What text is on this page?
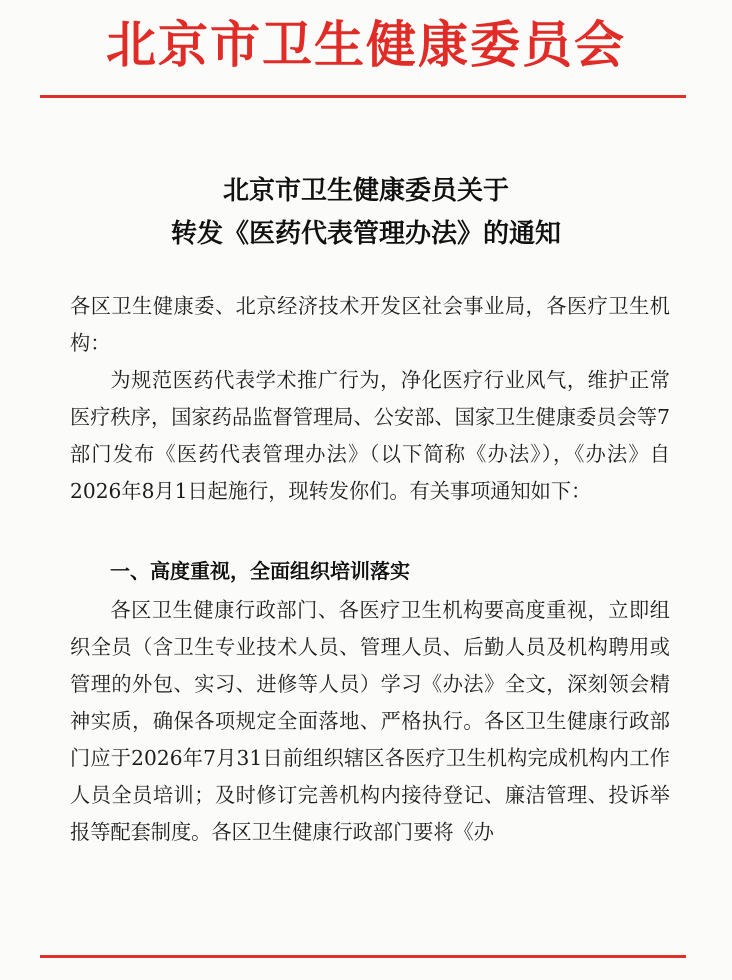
北京市卫生健康委员会
北京市卫生健康委员关于
转发《医药代表管理办法》的通知
各区卫生健康委、北京经济技术开发区社会事业局，各医疗卫生机构：
为规范医药代表学术推广行为，净化医疗行业风气，维护正常医疗秩序，国家药品监督管理局、公安部、国家卫生健康委员会等7部门发布《医药代表管理办法》（以下简称《办法》），《办法》自2026年8月1日起施行，现转发你们。有关事项通知如下：
一、高度重视，全面组织培训落实
各区卫生健康行政部门、各医疗卫生机构要高度重视，立即组织全员（含卫生专业技术人员、管理人员、后勤人员及机构聘用或管理的外包、实习、进修等人员）学习《办法》全文，深刻领会精神实质，确保各项规定全面落地、严格执行。各区卫生健康行政部门应于2026年7月31日前组织辖区各医疗卫生机构完成机构内工作人员全员培训；及时修订完善机构内接待登记、廉洁管理、投诉举报等配套制度。各区卫生健康行政部门要将《办
